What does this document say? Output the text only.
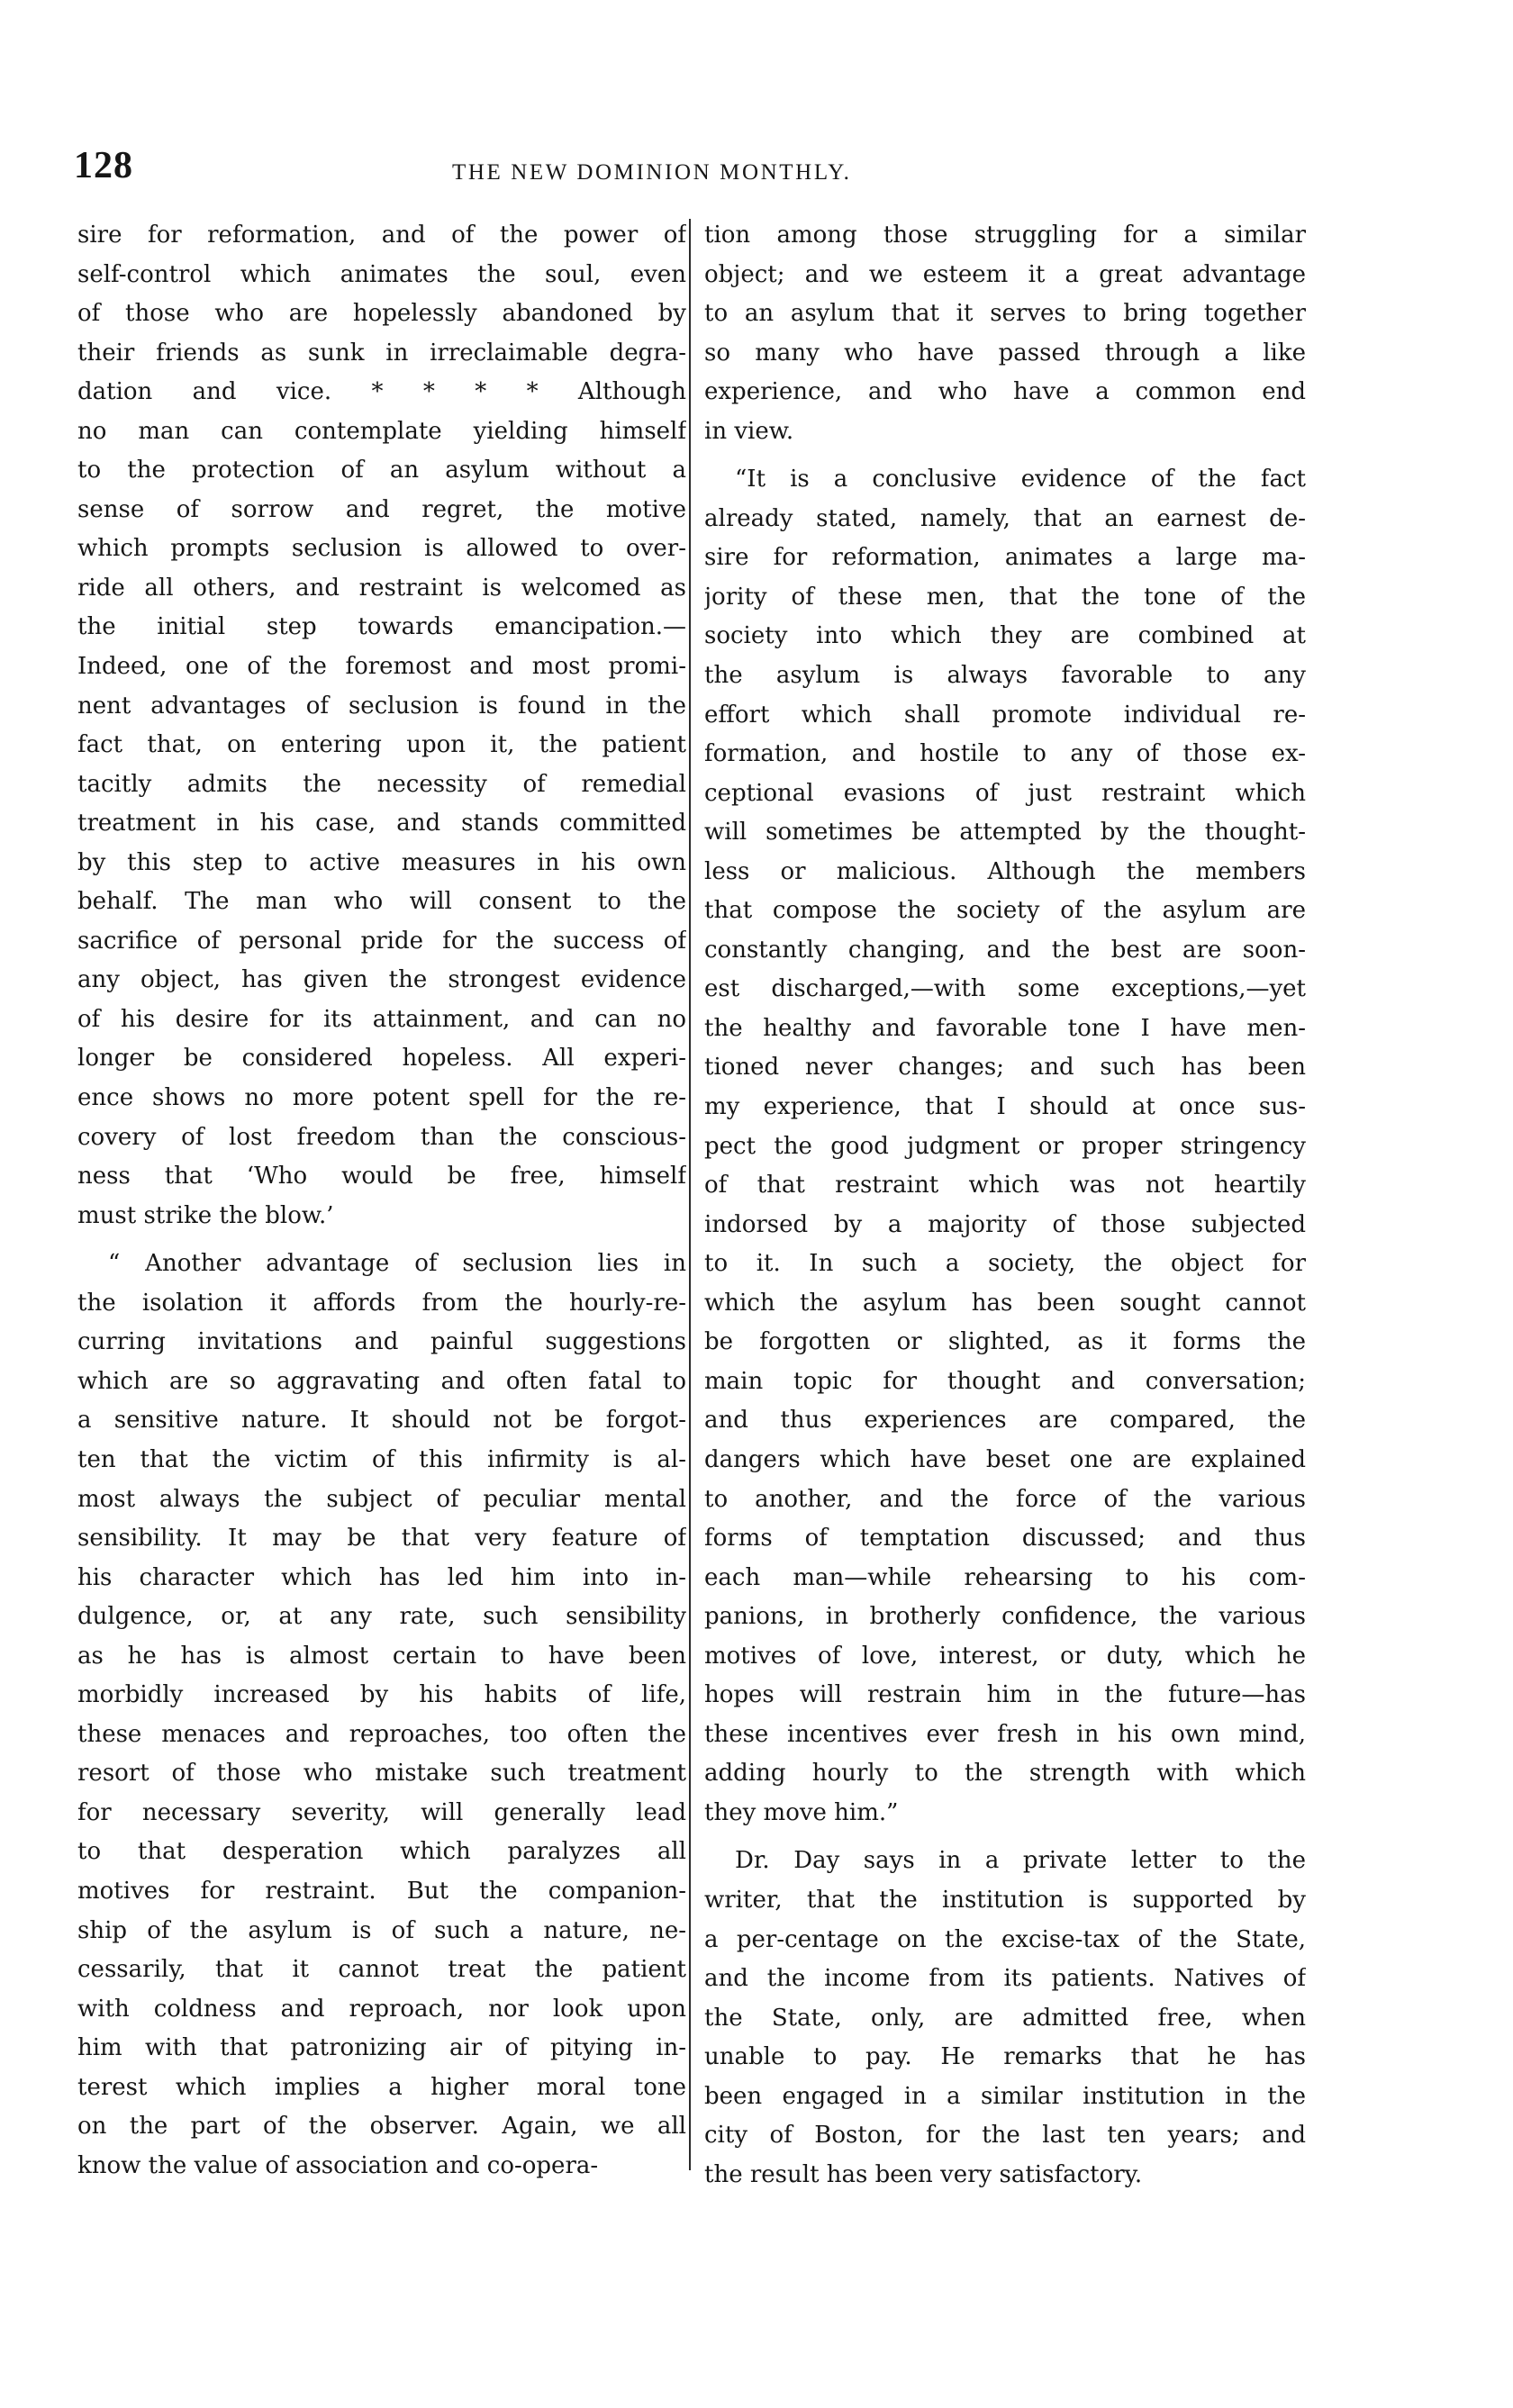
128	THE NEW DOMINION MONTHLY.
sire for reformation, and of the power of
self-control which animates the soul, even
of those who are hopelessly abandoned by
their friends as sunk in irreclaimable degra-
dation and vice. * * * * Although
no man can contemplate yielding himself
to the protection of an asylum without a
sense of sorrow and regret, the motive
which prompts seclusion is allowed to over-
ride all others, and restraint is welcomed as
the initial step towards emancipation.—
Indeed, one of the foremost and most promi-
nent advantages of seclusion is found in the
fact that, on entering upon it, the patient
tacitly admits the necessity of remedial
treatment in his case, and stands committed
by this step to active measures in his own
behalf. The man who will consent to the
sacrifice of personal pride for the success of
any object, has given the strongest evidence
of his desire for its attainment, and can no
longer be considered hopeless. All experi-
ence shows no more potent spell for the re-
covery of lost freedom than the conscious-
ness that ‘Who would be free, himself
must strike the blow.’
“ Another advantage of seclusion lies in
the isolation it affords from the hourly-re-
curring invitations and painful suggestions
which are so aggravating and often fatal to
a sensitive nature. It should not be forgot-
ten that the victim of this infirmity is al-
most always the subject of peculiar mental
sensibility. It may be that very feature of
his character which has led him into in-
dulgence, or, at any rate, such sensibility
as he has is almost certain to have been
morbidly increased by his habits of life,
these menaces and reproaches, too often the
resort of those who mistake such treatment
for necessary severity, will generally lead
to that desperation which paralyzes all
motives for restraint. But the companion-
ship of the asylum is of such a nature, ne-
cessarily, that it cannot treat the patient
with coldness and reproach, nor look upon
him with that patronizing air of pitying in-
terest which implies a higher moral tone
on the part of the observer. Again, we all
know the value of association and co-opera-
tion among those struggling for a similar
object; and we esteem it a great advantage
to an asylum that it serves to bring together
so many who have passed through a like
experience, and who have a common end
in view.
“It is a conclusive evidence of the fact
already stated, namely, that an earnest de-
sire for reformation, animates a large ma-
jority of these men, that the tone of the
society into which they are combined at
the asylum is always favorable to any
effort which shall promote individual re-
formation, and hostile to any of those ex-
ceptional evasions of just restraint which
will sometimes be attempted by the thought-
less or malicious. Although the members
that compose the society of the asylum are
constantly changing, and the best are soon-
est discharged,—with some exceptions,—yet
the healthy and favorable tone I have men-
tioned never changes; and such has been
my experience, that I should at once sus-
pect the good judgment or proper stringency
of that restraint which was not heartily
indorsed by a majority of those subjected
to it. In such a society, the object for
which the asylum has been sought cannot
be forgotten or slighted, as it forms the
main topic for thought and conversation;
and thus experiences are compared, the
dangers which have beset one are explained
to another, and the force of the various
forms of temptation discussed; and thus
each man—while rehearsing to his com-
panions, in brotherly confidence, the various
motives of love, interest, or duty, which he
hopes will restrain him in the future—has
these incentives ever fresh in his own mind,
adding hourly to the strength with which
they move him.”
Dr. Day says in a private letter to the
writer, that the institution is supported by
a per-centage on the excise-tax of the State,
and the income from its patients. Natives of
the State, only, are admitted free, when
unable to pay. He remarks that he has
been engaged in a similar institution in the
city of Boston, for the last ten years; and
the result has been very satisfactory.
